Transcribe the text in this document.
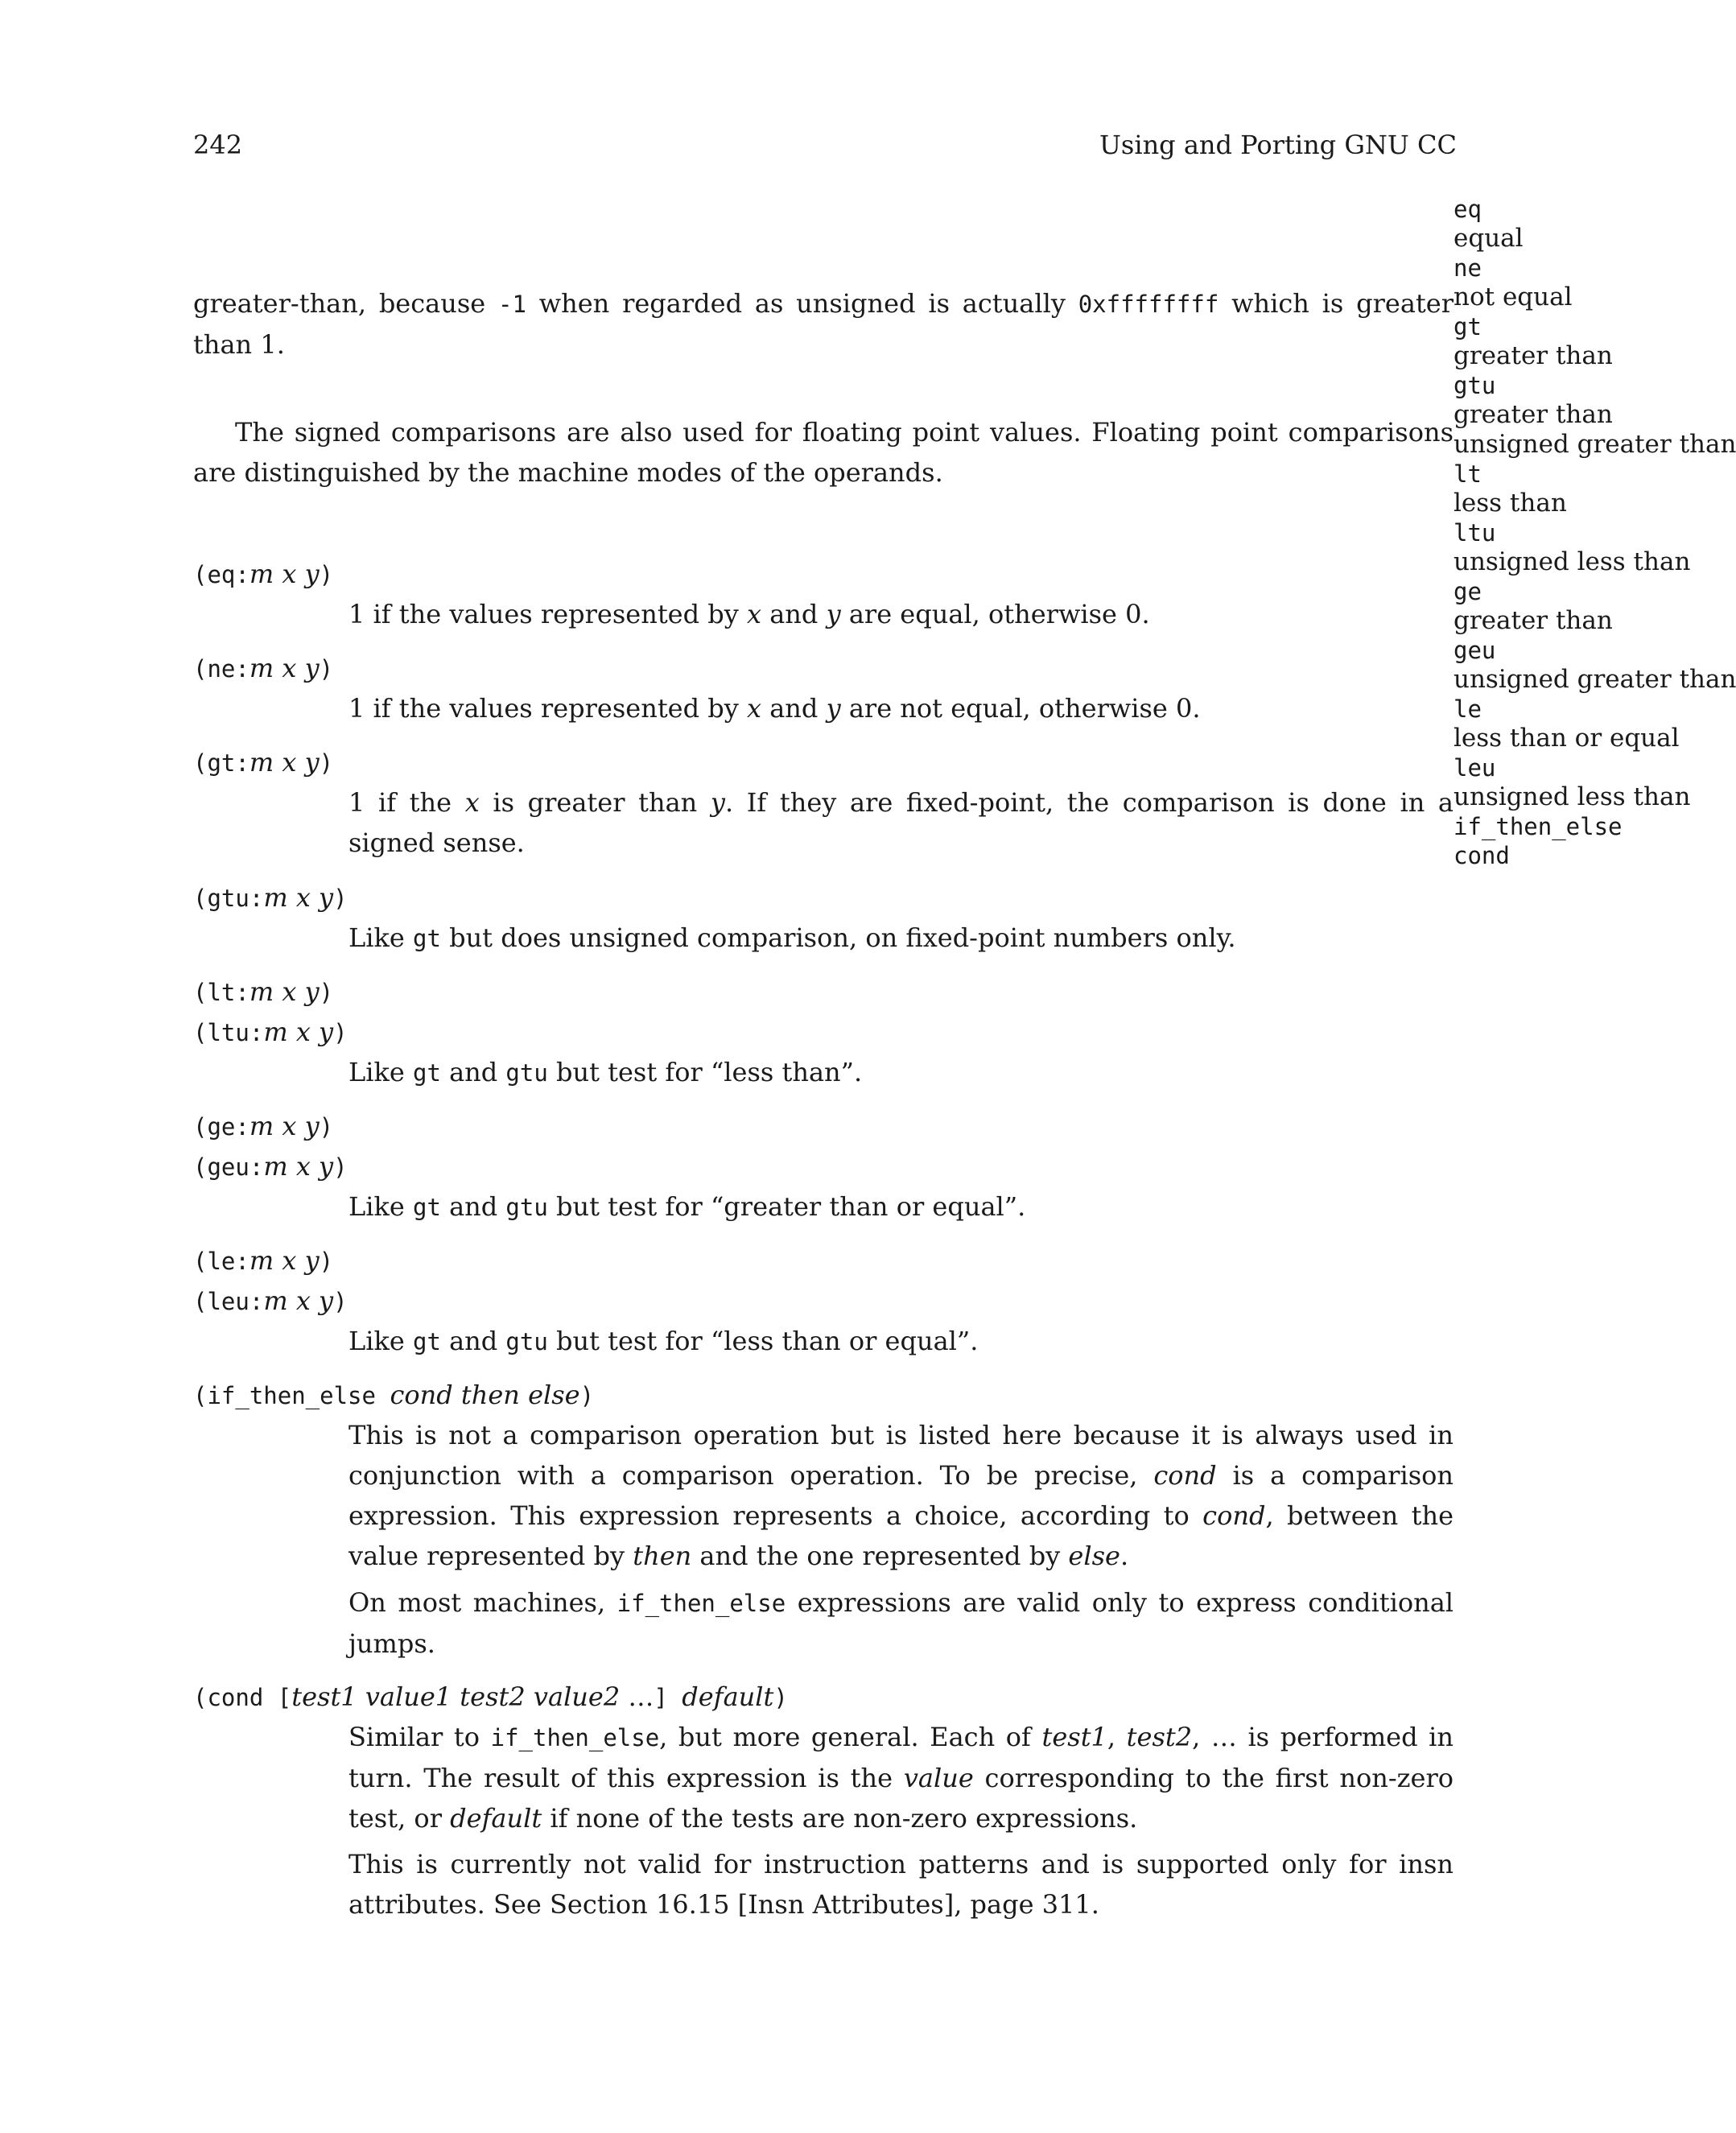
242	Using and Porting GNU CC
eq
equal
ne
not equal
gt
greater than
gtu
greater than
unsigned greater than
lt
less than
ltu
unsigned less than
ge
greater than
geu
unsigned greater than
le
less than or equal
leu
unsigned less than
if_then_else
cond
greater-than, because -1 when regarded as unsigned is actually 0xffffffff which is greater than 1.
The signed comparisons are also used for floating point values. Floating point comparisons are distinguished by the machine modes of the operands.
(eq:m x y)
1 if the values represented by x and y are equal, otherwise 0.
(ne:m x y)
1 if the values represented by x and y are not equal, otherwise 0.
(gt:m x y)
1 if the x is greater than y. If they are fixed-point, the comparison is done in a signed sense.
(gtu:m x y)
Like gt but does unsigned comparison, on fixed-point numbers only.
(lt:m x y)
(ltu:m x y)
Like gt and gtu but test for “less than”.
(ge:m x y)
(geu:m x y)
Like gt and gtu but test for “greater than or equal”.
(le:m x y)
(leu:m x y)
Like gt and gtu but test for “less than or equal”.
(if_then_else cond then else)
This is not a comparison operation but is listed here because it is always used in conjunction with a comparison operation. To be precise, cond is a comparison expression. This expression represents a choice, according to cond, between the value represented by then and the one represented by else.
On most machines, if_then_else expressions are valid only to express conditional jumps.
(cond [test1 value1 test2 value2 …] default)
Similar to if_then_else, but more general. Each of test1, test2, … is performed in turn. The result of this expression is the value corresponding to the first non-zero test, or default if none of the tests are non-zero expressions.
This is currently not valid for instruction patterns and is supported only for insn attributes. See Section 16.15 [Insn Attributes], page 311.
